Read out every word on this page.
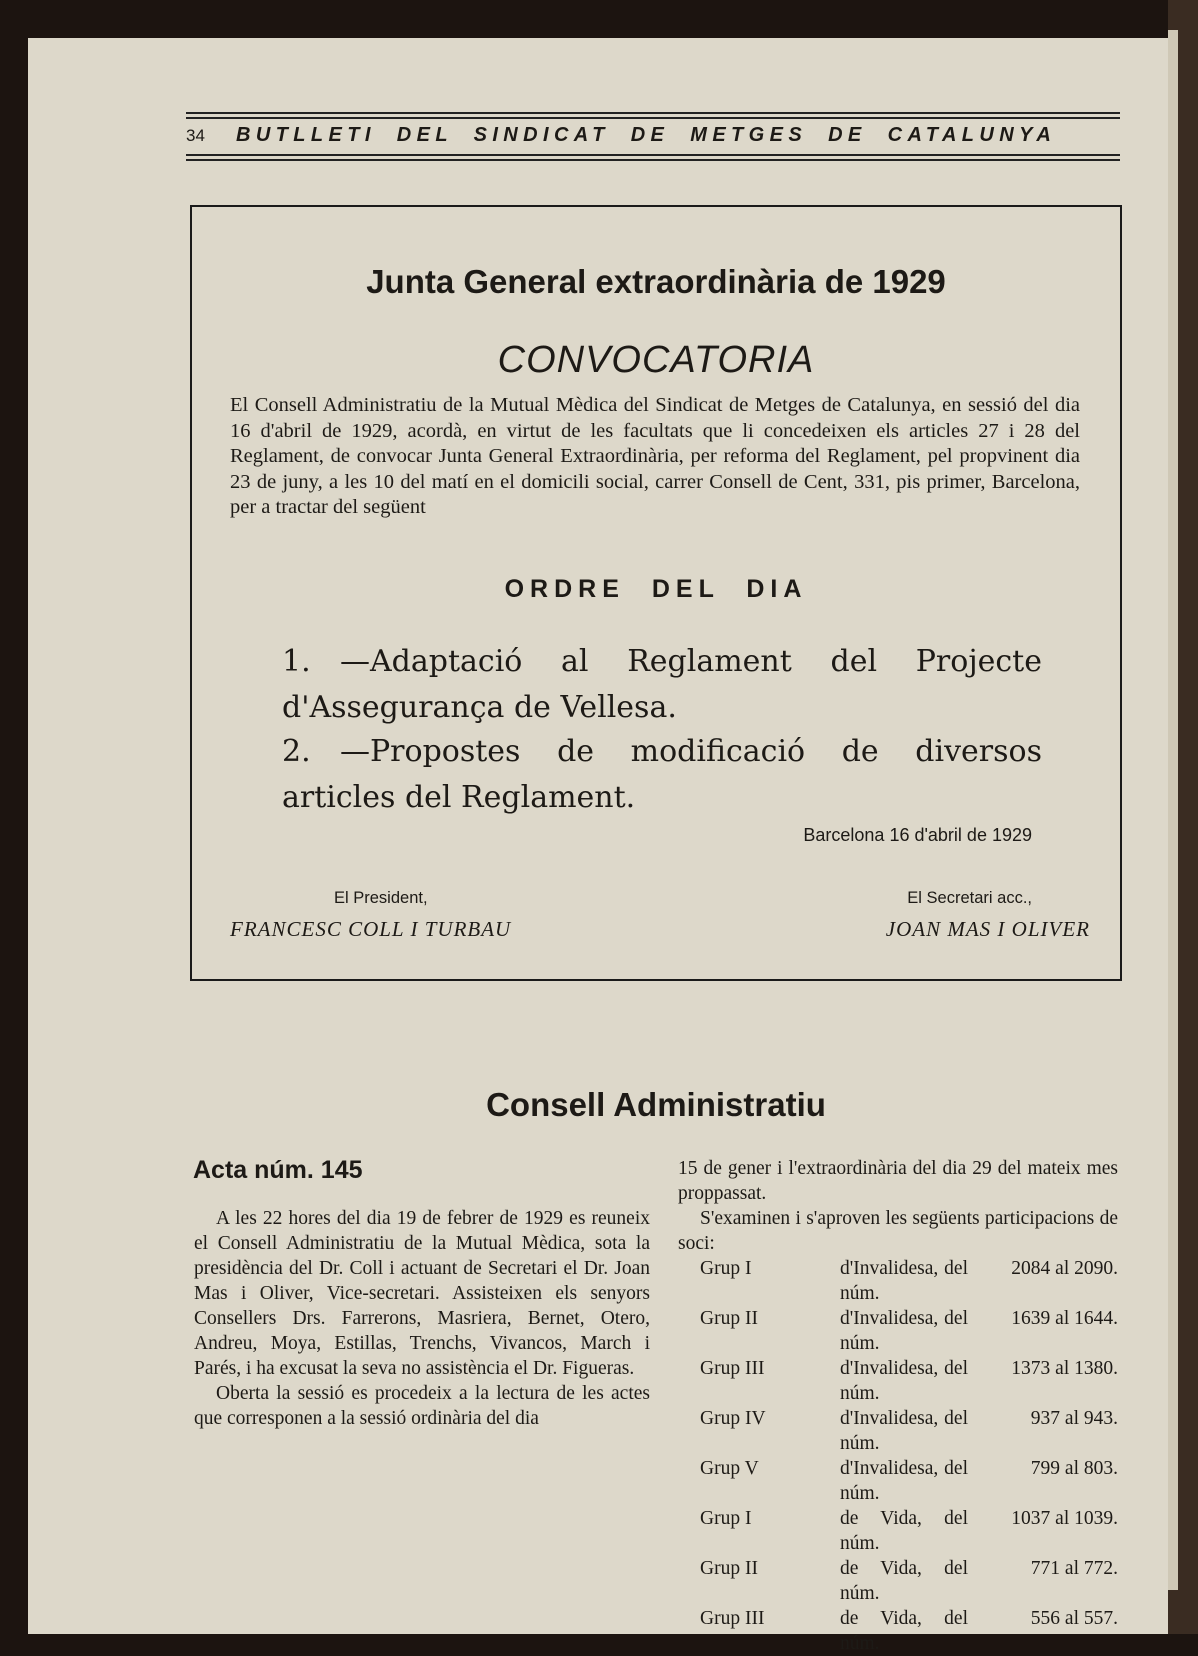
34	BUTLLETI DEL SINDICAT DE METGES DE CATALUNYA
Junta General extraordinària de 1929
CONVOCATORIA

El Consell Administratiu de la Mutual Mèdica del Sindicat de Metges de Catalunya, en sessió del dia 16 d'abril de 1929, acordà, en virtut de les facultats que li concedeixen els articles 27 i 28 del Reglament, de convocar Junta General Extraordinària, per reforma del Reglament, pel propvinent dia 23 de juny, a les 10 del matí en el domicili social, carrer Consell de Cent, 331, pis primer, Barcelona, per a tractar del següent

ORDRE DEL DIA
1. —Adaptació al Reglament del Projecte d'Assegurança de Vellesa.
2. —Propostes de modificació de diversos articles del Reglament.
Barcelona 16 d'abril de 1929
El President,
FRANCESC COLL I TURBAU
El Secretari acc.,
JOAN MAS I OLIVER
Consell Administratiu
Acta núm. 145

A les 22 hores del dia 19 de febrer de 1929 es reuneix el Consell Administratiu de la Mutual Mèdica, sota la presidència del Dr. Coll i actuant de Secretari el Dr. Joan Mas i Oliver, Vice-secretari. Assisteixen els senyors Consellers Drs. Farrerons, Masriera, Bernet, Otero, Andreu, Moya, Estillas, Trenchs, Vivancos, March i Parés, i ha excusat la seva no assistència el Dr. Figueras.

Oberta la sessió es procedeix a la lectura de les actes que corresponen a la sessió ordinària del dia

15 de gener i l'extraordinària del dia 29 del mateix mes proppassat.

S'examinen i s'aproven les següents participacions de soci:

Grup I	d'Invalidesa, del núm.
2084 al 2090.
Grup II	d'Invalidesa, del núm.
1639 al 1644.
Grup III	d'Invalidesa, del núm.
1373 al 1380.
Grup IV	d'Invalidesa, del núm.
937 al 943.
Grup V	d'Invalidesa, del núm.
799 al 803.
Grup I	de Vida, del núm.
1037 al 1039.
Grup II	de Vida, del núm.
771 al 772.
Grup III	de Vida, del núm.
556 al 557.
